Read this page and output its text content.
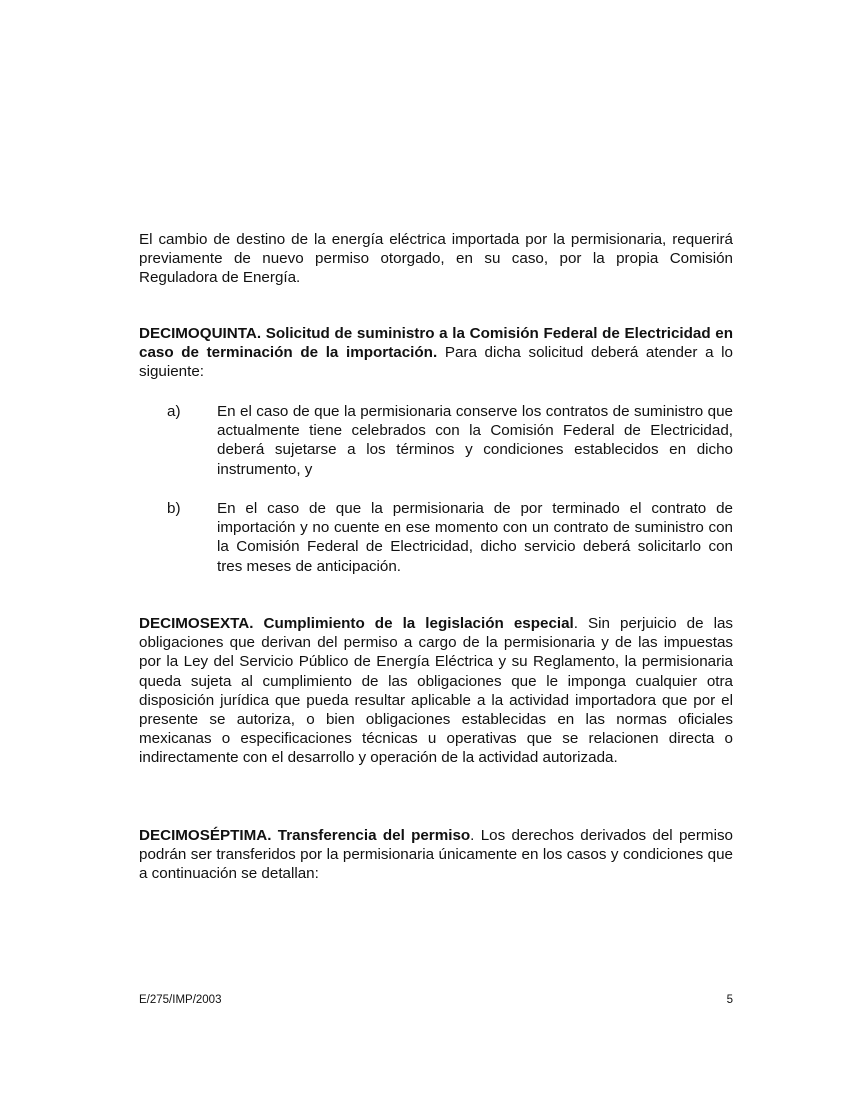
El cambio de destino de la energía eléctrica importada por la permisionaria, requerirá previamente de nuevo permiso otorgado, en su caso, por la propia Comisión Reguladora de Energía.

DECIMOQUINTA. Solicitud de suministro a la Comisión Federal de Electricidad en caso de terminación de la importación. Para dicha solicitud deberá atender a lo siguiente:

a) En el caso de que la permisionaria conserve los contratos de suministro que actualmente tiene celebrados con la Comisión Federal de Electricidad, deberá sujetarse a los términos y condiciones establecidos en dicho instrumento, y

b) En el caso de que la permisionaria de por terminado el contrato de importación y no cuente en ese momento con un contrato de suministro con la Comisión Federal de Electricidad, dicho servicio deberá solicitarlo con tres meses de anticipación.

DECIMOSEXTA. Cumplimiento de la legislación especial. Sin perjuicio de las obligaciones que derivan del permiso a cargo de la permisionaria y de las impuestas por la Ley del Servicio Público de Energía Eléctrica y su Reglamento, la permisionaria queda sujeta al cumplimiento de las obligaciones que le imponga cualquier otra disposición jurídica que pueda resultar aplicable a la actividad importadora que por el presente se autoriza, o bien obligaciones establecidas en las normas oficiales mexicanas o especificaciones técnicas u operativas que se relacionen directa o indirectamente con el desarrollo y operación de la actividad autorizada.

DECIMOSÉPTIMA. Transferencia del permiso. Los derechos derivados del permiso podrán ser transferidos por la permisionaria únicamente en los casos y condiciones que a continuación se detallan:

E/275/IMP/2003	5
